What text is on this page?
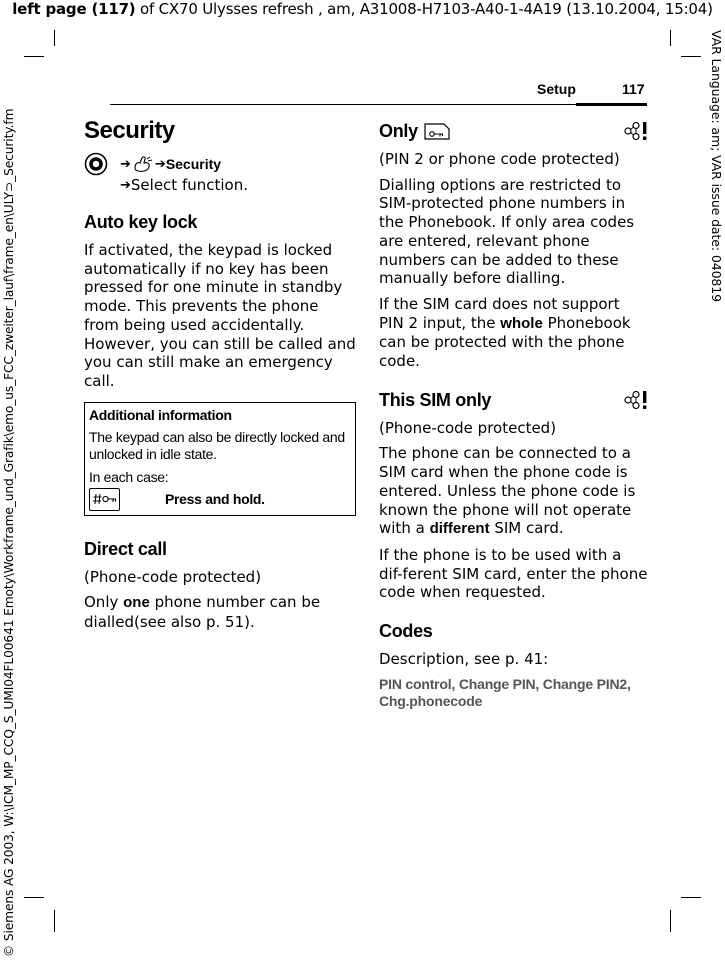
left page (117) of CX70 Ulysses refresh , am, A31008-H7103-A40-1-4A19 (13.10.2004, 15:04)
© Siemens AG 2003, W:\ICM_MP_CCQ_S_UMI04FL00641 Emoty\Workframe_und_Grafik\emo_us_FCC_zweiter_lauf\frame_en\ULY⊃_Security.fm	VAR Language: am; VAR issue date: 040819
Setup	117
Security
➔ ➔ Security
➔ Select function.
Auto key lock

If activated, the keypad is locked automatically if no key has been pressed for one minute in standby mode. This prevents the phone from being used accidentally. However, you can still be called and you can still make an emergency call.

Additional information
The keypad can also be directly locked and unlocked in idle state.
In each case:
Press and hold.
Direct call

(Phone-code protected)

Only one phone number can be dialled(see also p. 51).

Only

(PIN 2 or phone code protected)

Dialling options are restricted to SIM-protected phone numbers in the Phonebook. If only area codes are entered, relevant phone numbers can be added to these manually before dialling.

If the SIM card does not support PIN 2 input, the whole Phonebook can be protected with the phone code.

This SIM only

(Phone-code protected)

The phone can be connected to a SIM card when the phone code is entered. Unless the phone code is known the phone will not operate with a different SIM card.

If the phone is to be used with a dif-ferent SIM card, enter the phone code when requested.

Codes

Description, see p. 41:

PIN control, Change PIN, Change PIN2, Chg.phonecode
